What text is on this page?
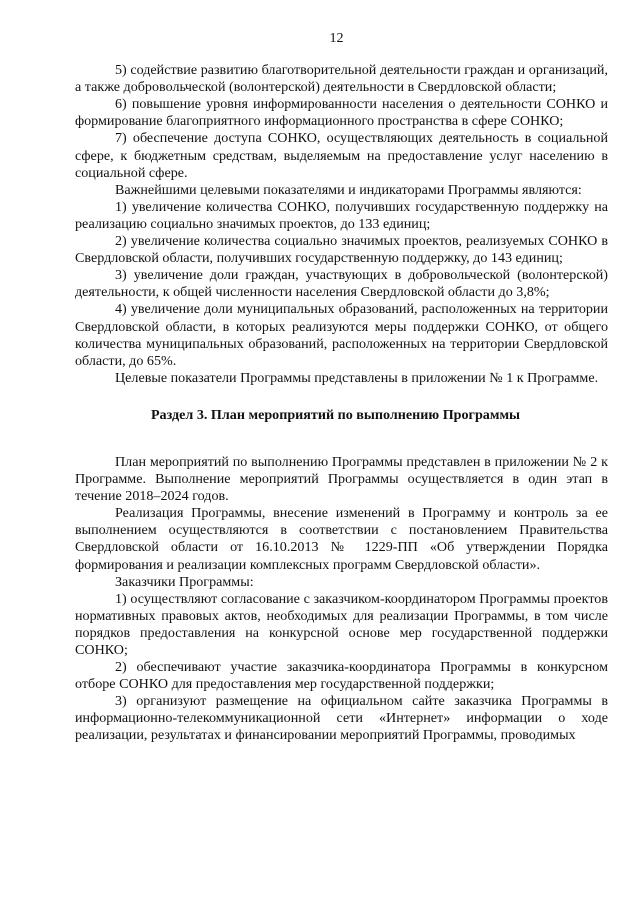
12

5) содействие развитию благотворительной деятельности граждан и организаций, а также добровольческой (волонтерской) деятельности в Свердловской области;

6) повышение уровня информированности населения о деятельности СОНКО и формирование благоприятного информационного пространства в сфере СОНКО;

7) обеспечение доступа СОНКО, осуществляющих деятельность в социальной сфере, к бюджетным средствам, выделяемым на предоставление услуг населению в социальной сфере.

Важнейшими целевыми показателями и индикаторами Программы являются:

1) увеличение количества СОНКО, получивших государственную поддержку на реализацию социально значимых проектов, до 133 единиц;

2) увеличение количества социально значимых проектов, реализуемых СОНКО в Свердловской области, получивших государственную поддержку, до 143 единиц;

3) увеличение доли граждан, участвующих в добровольческой (волонтерской) деятельности, к общей численности населения Свердловской области до 3,8%;

4) увеличение доли муниципальных образований, расположенных на территории Свердловской области, в которых реализуются меры поддержки СОНКО, от общего количества муниципальных образований, расположенных на территории Свердловской области, до 65%.

Целевые показатели Программы представлены в приложении № 1 к Программе.

Раздел 3. План мероприятий по выполнению Программы

План мероприятий по выполнению Программы представлен в приложении № 2 к Программе. Выполнение мероприятий Программы осуществляется в один этап в течение 2018–2024 годов.

Реализация Программы, внесение изменений в Программу и контроль за ее выполнением осуществляются в соответствии с постановлением Правительства Свердловской области от 16.10.2013 № 1229-ПП «Об утверждении Порядка формирования и реализации комплексных программ Свердловской области».

Заказчики Программы:

1) осуществляют согласование с заказчиком-координатором Программы проектов нормативных правовых актов, необходимых для реализации Программы, в том числе порядков предоставления на конкурсной основе мер государственной поддержки СОНКО;

2) обеспечивают участие заказчика-координатора Программы в конкурсном отборе СОНКО для предоставления мер государственной поддержки;

3) организуют размещение на официальном сайте заказчика Программы в информационно-телекоммуникационной сети «Интернет» информации о ходе реализации, результатах и финансировании мероприятий Программы, проводимых
